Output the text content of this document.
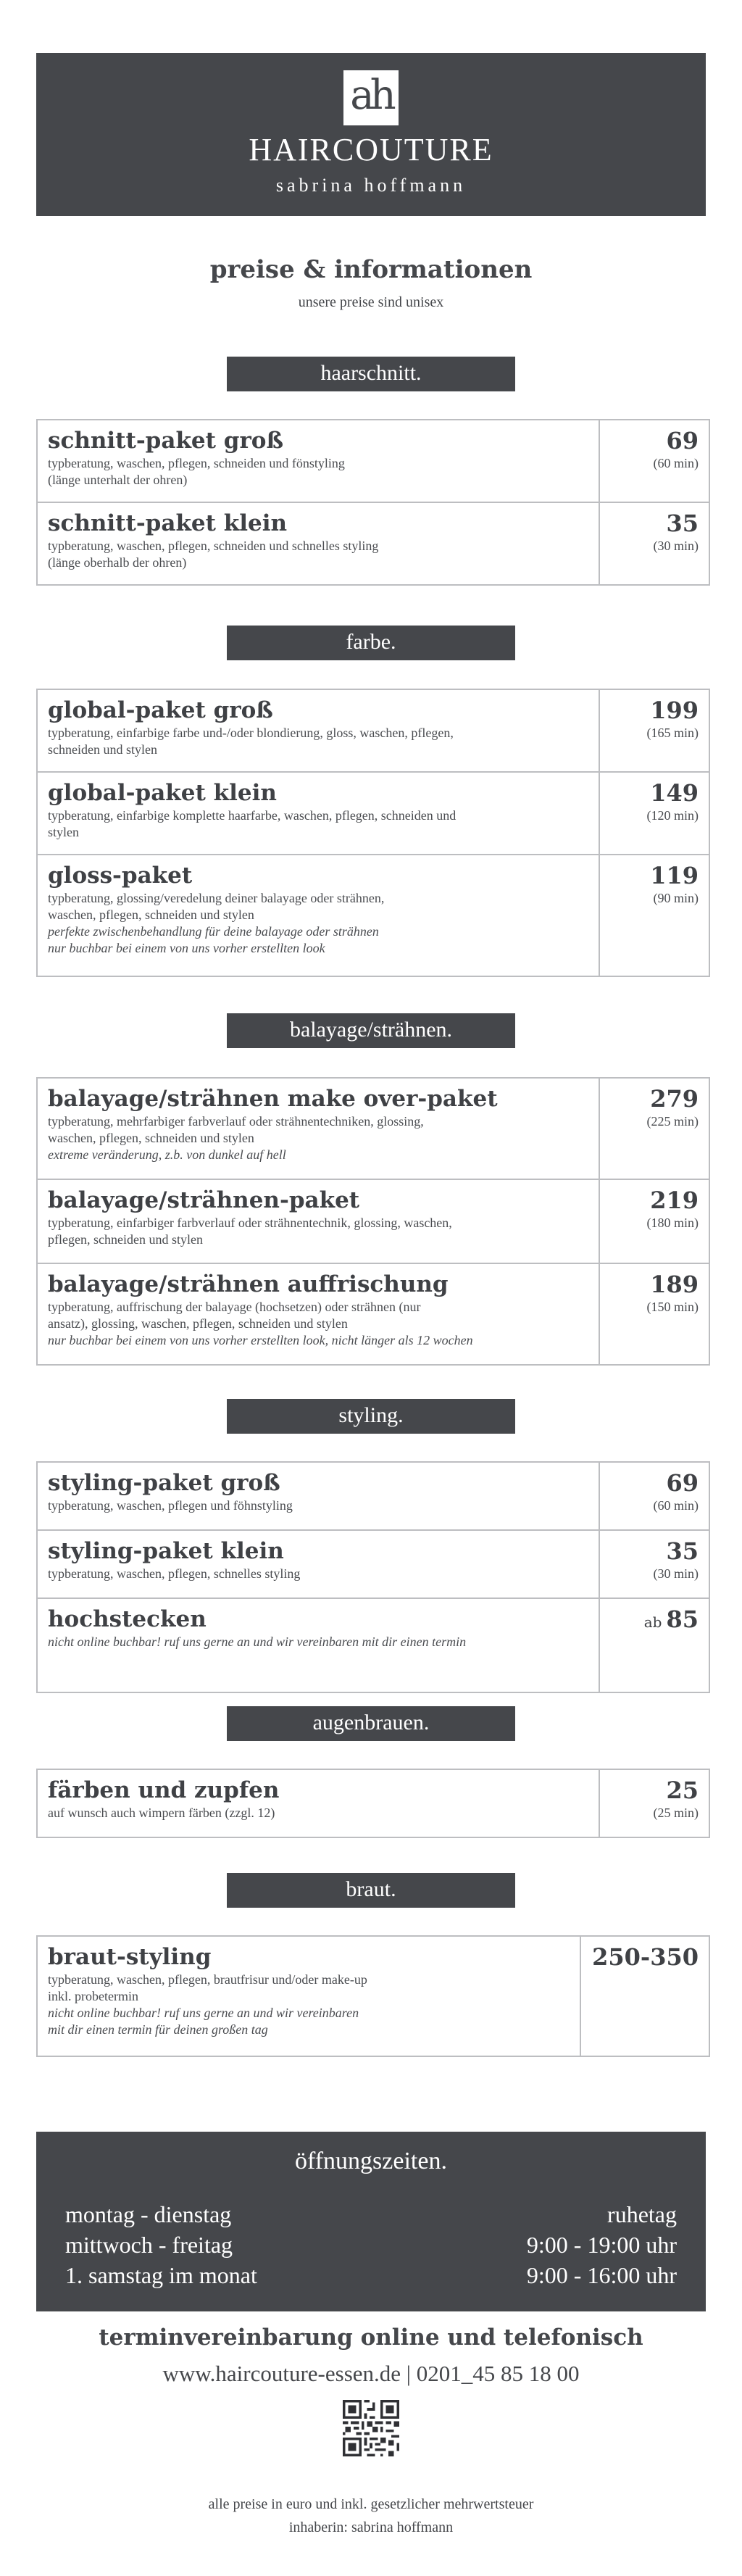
ah
HAIRCOUTURE
sabrina hoffmann
preise & informationen
unsere preise sind unisex
haarschnitt.
schnitt-paket groß
typberatung, waschen, pflegen, schneiden und fönstyling
(länge unterhalt der ohren)
69
(60 min)
schnitt-paket klein
typberatung, waschen, pflegen, schneiden und schnelles styling
(länge oberhalb der ohren)
35
(30 min)
farbe.
global-paket groß
typberatung, einfarbige farbe und-/oder blondierung, gloss, waschen, pflegen,
schneiden und stylen
199
(165 min)
global-paket klein
typberatung, einfarbige komplette haarfarbe, waschen, pflegen, schneiden und
stylen
149
(120 min)
gloss-paket
typberatung, glossing/veredelung deiner balayage oder strähnen,
waschen, pflegen, schneiden und stylen
perfekte zwischenbehandlung für deine balayage oder strähnen
nur buchbar bei einem von uns vorher erstellten look
119
(90 min)
balayage/strähnen.
balayage/strähnen make over-paket
typberatung, mehrfarbiger farbverlauf oder strähnentechniken, glossing,
waschen, pflegen, schneiden und stylen
extreme veränderung, z.b. von dunkel auf hell
279
(225 min)
balayage/strähnen-paket
typberatung, einfarbiger farbverlauf oder strähnentechnik, glossing, waschen,
pflegen, schneiden und stylen
219
(180 min)
balayage/strähnen auffrischung
typberatung, auffrischung der balayage (hochsetzen) oder strähnen (nur
ansatz), glossing, waschen, pflegen, schneiden und stylen
nur buchbar bei einem von uns vorher erstellten look, nicht länger als 12 wochen
189
(150 min)
styling.
styling-paket groß
typberatung, waschen, pflegen und föhnstyling
69
(60 min)
styling-paket klein
typberatung, waschen, pflegen, schnelles styling
35
(30 min)
hochstecken
nicht online buchbar! ruf uns gerne an und wir vereinbaren mit dir einen termin
ab 85
augenbrauen.
färben und zupfen
auf wunsch auch wimpern färben (zzgl. 12)
25
(25 min)
braut.
braut-styling
typberatung, waschen, pflegen, brautfrisur und/oder make-up
inkl. probetermin
nicht online buchbar! ruf uns gerne an und wir vereinbaren
mit dir einen termin für deinen großen tag
250-350
öffnungszeiten.
montag - dienstag	ruhetag
mittwoch - freitag	9:00 - 19:00 uhr
1. samstag im monat	9:00 - 16:00 uhr
terminvereinbarung online und telefonisch
www.haircouture-essen.de | 0201_45 85 18 00
alle preise in euro und inkl. gesetzlicher mehrwertsteuer
inhaberin: sabrina hoffmann
